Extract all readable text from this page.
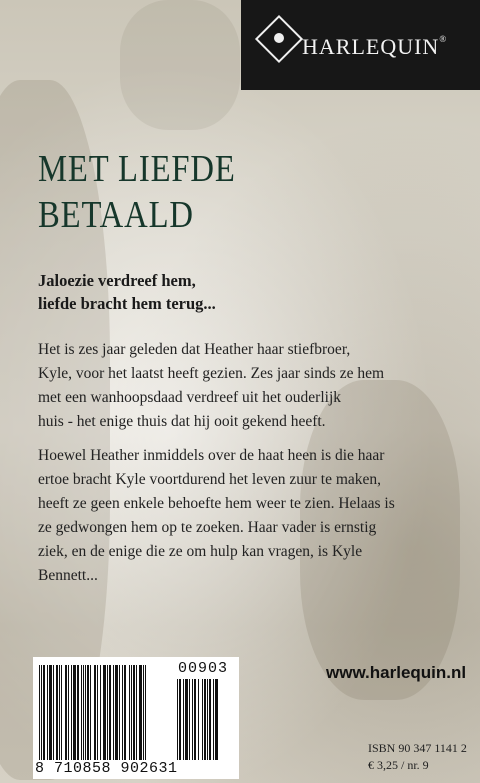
HARLEQUIN®
MET LIEFDE
BETAALD
Jaloezie verdreef hem,
liefde bracht hem terug...
Het is zes jaar geleden dat Heather haar stiefbroer,
Kyle, voor het laatst heeft gezien. Zes jaar sinds ze hem
met een wanhoopsdaad verdreef uit het ouderlijk
huis - het enige thuis dat hij ooit gekend heeft.
Hoewel Heather inmiddels over de haat heen is die haar
ertoe bracht Kyle voortdurend het leven zuur te maken,
heeft ze geen enkele behoefte hem weer te zien. Helaas is
ze gedwongen hem op te zoeken. Haar vader is ernstig
ziek, en de enige die ze om hulp kan vragen, is Kyle
Bennett...
8 710858 902631
00903	www.harlequin.nl
ISBN 90 347 1141 2
€ 3,25 / nr. 9
